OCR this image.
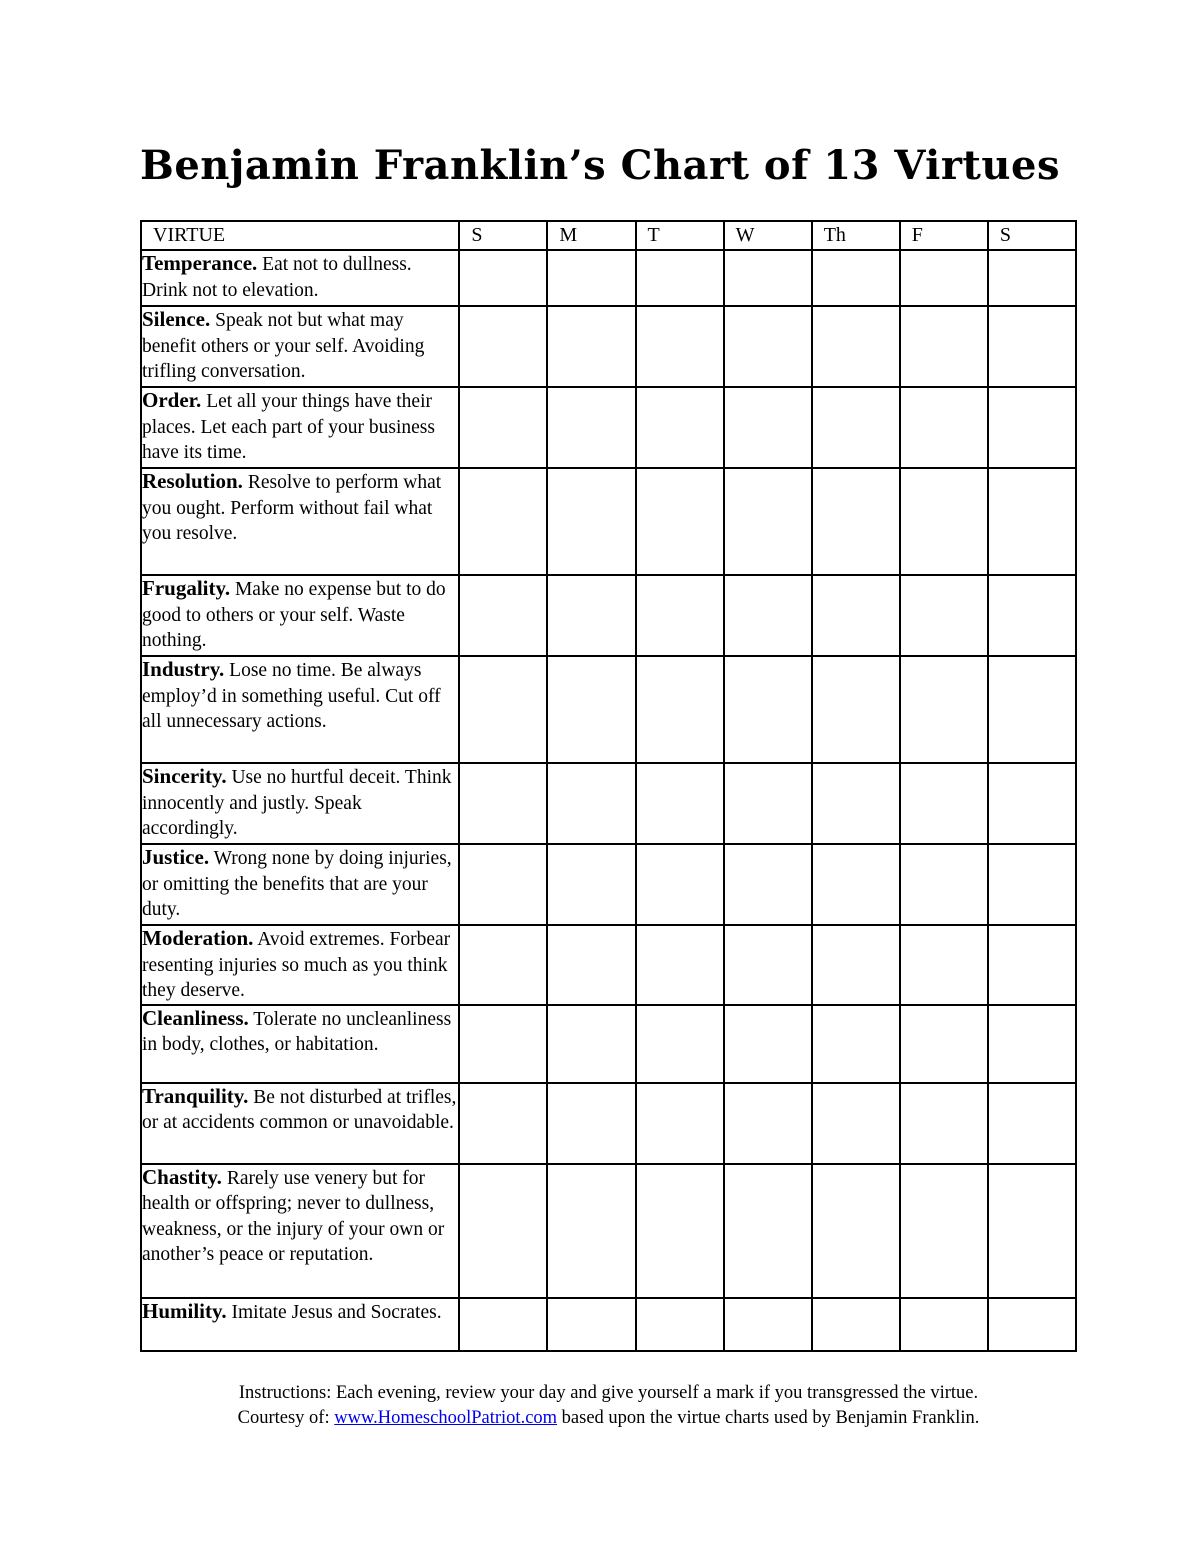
Benjamin Franklin’s Chart of 13 Virtues
VIRTUE	S	M	T	W	Th	F	S
Temperance. Eat not to dullness. Drink not to elevation.							
Silence. Speak not but what may benefit others or your self. Avoiding trifling conversation.							
Order. Let all your things have their places. Let each part of your business have its time.							
Resolution. Resolve to perform what you ought. Perform without fail what you resolve.							
Frugality. Make no expense but to do good to others or your self. Waste nothing.							
Industry. Lose no time. Be always employ’d in something useful. Cut off all unnecessary actions.							
Sincerity. Use no hurtful deceit. Think innocently and justly. Speak accordingly.							
Justice. Wrong none by doing injuries, or omitting the benefits that are your duty.							
Moderation. Avoid extremes. Forbear resenting injuries so much as you think they deserve.							
Cleanliness. Tolerate no uncleanliness in body, clothes, or habitation.							
Tranquility. Be not disturbed at trifles, or at accidents common or unavoidable.							
Chastity. Rarely use venery but for health or offspring; never to dullness, weakness, or the injury of your own or another’s peace or reputation.							
Humility. Imitate Jesus and Socrates.							

Instructions: Each evening, review your day and give yourself a mark if you transgressed the virtue.

Courtesy of: www.HomeschoolPatriot.com based upon the virtue charts used by Benjamin Franklin.
